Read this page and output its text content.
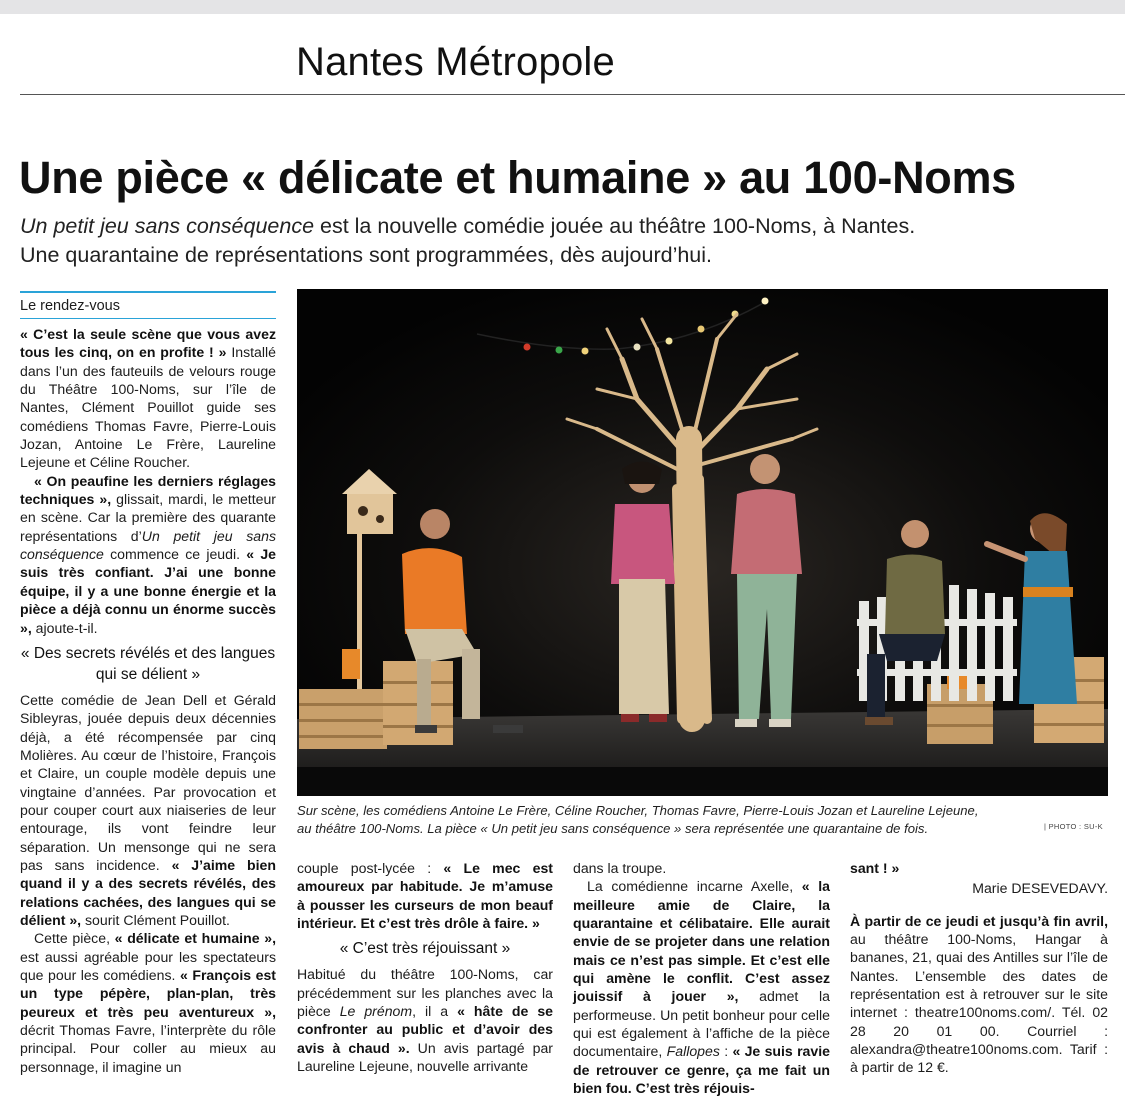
Nantes Métropole
Une pièce « délicate et humaine » au 100-Noms

Un petit jeu sans conséquence est la nouvelle comédie jouée au théâtre 100-Noms, à Nantes.
Une quarantaine de représentations sont programmées, dès aujourd’hui.

Le rendez-vous

« C’est la seule scène que vous avez tous les cinq, on en profite ! » Installé dans l’un des fauteuils de velours rouge du Théâtre 100-Noms, sur l’île de Nantes, Clément Pouillot guide ses comédiens Thomas Favre, Pierre-Louis Jozan, Antoine Le Frère, Laureline Lejeune et Céline Roucher.

« On peaufine les derniers réglages techniques », glissait, mardi, le metteur en scène. Car la première des quarante représentations d’Un petit jeu sans conséquence commence ce jeudi. « Je suis très confiant. J’ai une bonne équipe, il y a une bonne énergie et la pièce a déjà connu un énorme succès », ajoute-t-il.

« Des secrets révélés et des langues qui se délient »

Cette comédie de Jean Dell et Gérald Sibleyras, jouée depuis deux décennies déjà, a été récompensée par cinq Molières. Au cœur de l’histoire, François et Claire, un couple modèle depuis une vingtaine d’années. Par provocation et pour couper court aux niaiseries de leur entourage, ils vont feindre leur séparation. Un mensonge qui ne sera pas sans incidence. « J’aime bien quand il y a des secrets révélés, des relations cachées, des langues qui se délient », sourit Clément Pouillot.

Cette pièce, « délicate et humaine », est aussi agréable pour les spectateurs que pour les comédiens. « François est un type pépère, plan-plan, très peureux et très peu aventureux », décrit Thomas Favre, l’interprète du rôle principal. Pour coller au mieux au personnage, il imagine un

Sur scène, les comédiens Antoine Le Frère, Céline Roucher, Thomas Favre, Pierre-Louis Jozan et Laureline Lejeune,
au théâtre 100-Noms. La pièce « Un petit jeu sans conséquence » sera représentée une quarantaine de fois.	| PHOTO : SU-K

couple post-lycée : « Le mec est amoureux par habitude. Je m’amuse à pousser les curseurs de mon beauf intérieur. Et c’est très drôle à faire. »

« C’est très réjouissant »

Habitué du théâtre 100-Noms, car précédemment sur les planches avec la pièce Le prénom, il a « hâte de se confronter au public et d’avoir des avis à chaud ». Un avis partagé par Laureline Lejeune, nouvelle arrivante

dans la troupe.

La comédienne incarne Axelle, « la meilleure amie de Claire, la quarantaine et célibataire. Elle aurait envie de se projeter dans une relation mais ce n’est pas simple. Et c’est elle qui amène le conflit. C’est assez jouissif à jouer », admet la performeuse. Un petit bonheur pour celle qui est également à l’affiche de la pièce documentaire, Fallopes : « Je suis ravie de retrouver ce genre, ça me fait un bien fou. C’est très réjouis-

sant ! »

Marie DESEVEDAVY.

À partir de ce jeudi et jusqu’à fin avril, au théâtre 100-Noms, Hangar à bananes, 21, quai des Antilles sur l’île de Nantes. L’ensemble des dates de représentation est à retrouver sur le site internet : theatre100noms.com/. Tél. 02 28 20 01 00. Courriel : alexandra@theatre100noms.com. Tarif : à partir de 12 €.
